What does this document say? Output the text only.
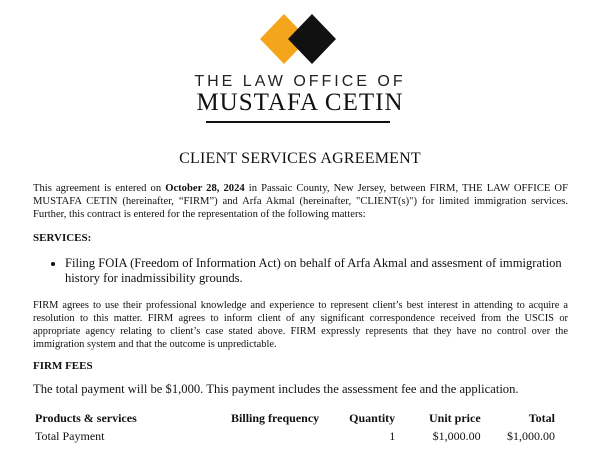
THE LAW OFFICE OF
MUSTAFA CETIN
CLIENT SERVICES AGREEMENT

This agreement is entered on October 28, 2024 in Passaic County, New Jersey, between FIRM, THE LAW OFFICE OF MUSTAFA CETIN (hereinafter, “FIRM”) and Arfa Akmal (hereinafter, "CLIENT(s)") for limited immigration services. Further, this contract is entered for the representation of the following matters:

SERVICES:
• Filing FOIA (Freedom of Information Act) on behalf of Arfa Akmal and assesment of immigration history for inadmissibility grounds.

FIRM agrees to use their professional knowledge and experience to represent client’s best interest in attending to acquire a resolution to this matter. FIRM agrees to inform client of any significant correspondence received from the USCIS or appropriate agency relating to client’s case stated above. FIRM expressly represents that they have no control over the immigration system and that the outcome is unpredictable.

FIRM FEES
The total payment will be $1,000. This payment includes the assessment fee and the application.
Products & services	Billing frequency	Quantity	Unit price	Total
Total Payment		1	$1,000.00	$1,000.00
